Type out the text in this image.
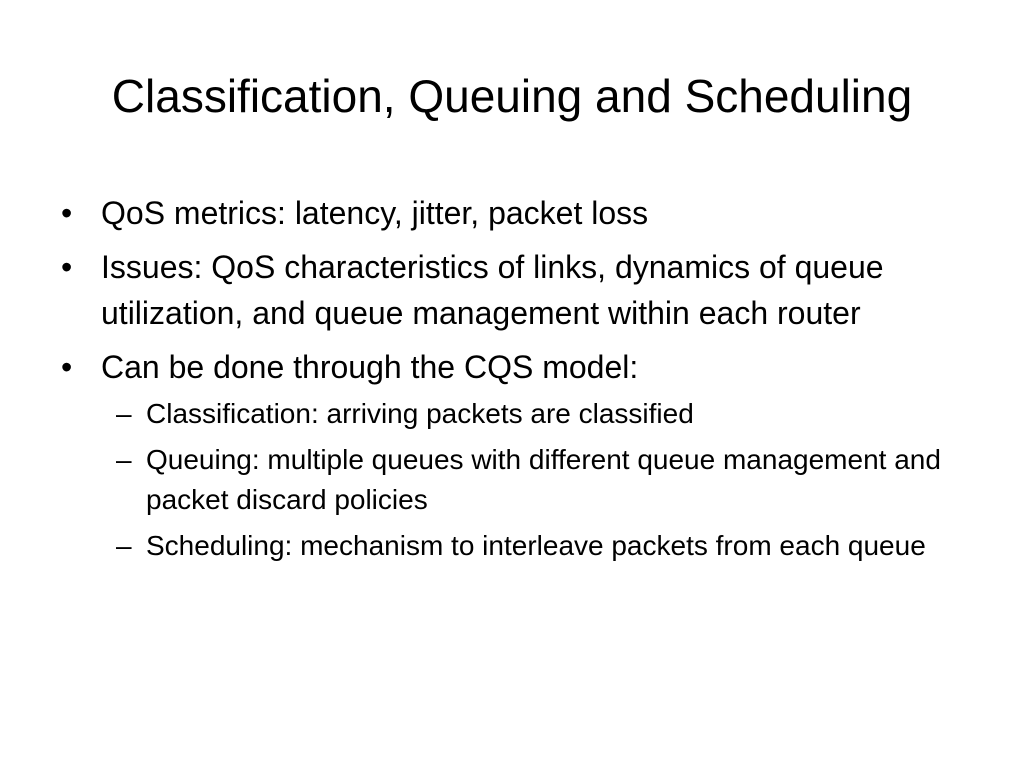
Classification, Queuing and Scheduling
• QoS metrics: latency, jitter, packet loss
• Issues: QoS characteristics of links, dynamics of queue utilization, and queue management within each router
• Can be done through the CQS model:
– Classification: arriving packets are classified
– Queuing: multiple queues with different queue management and packet discard policies
– Scheduling: mechanism to interleave packets from each queue
